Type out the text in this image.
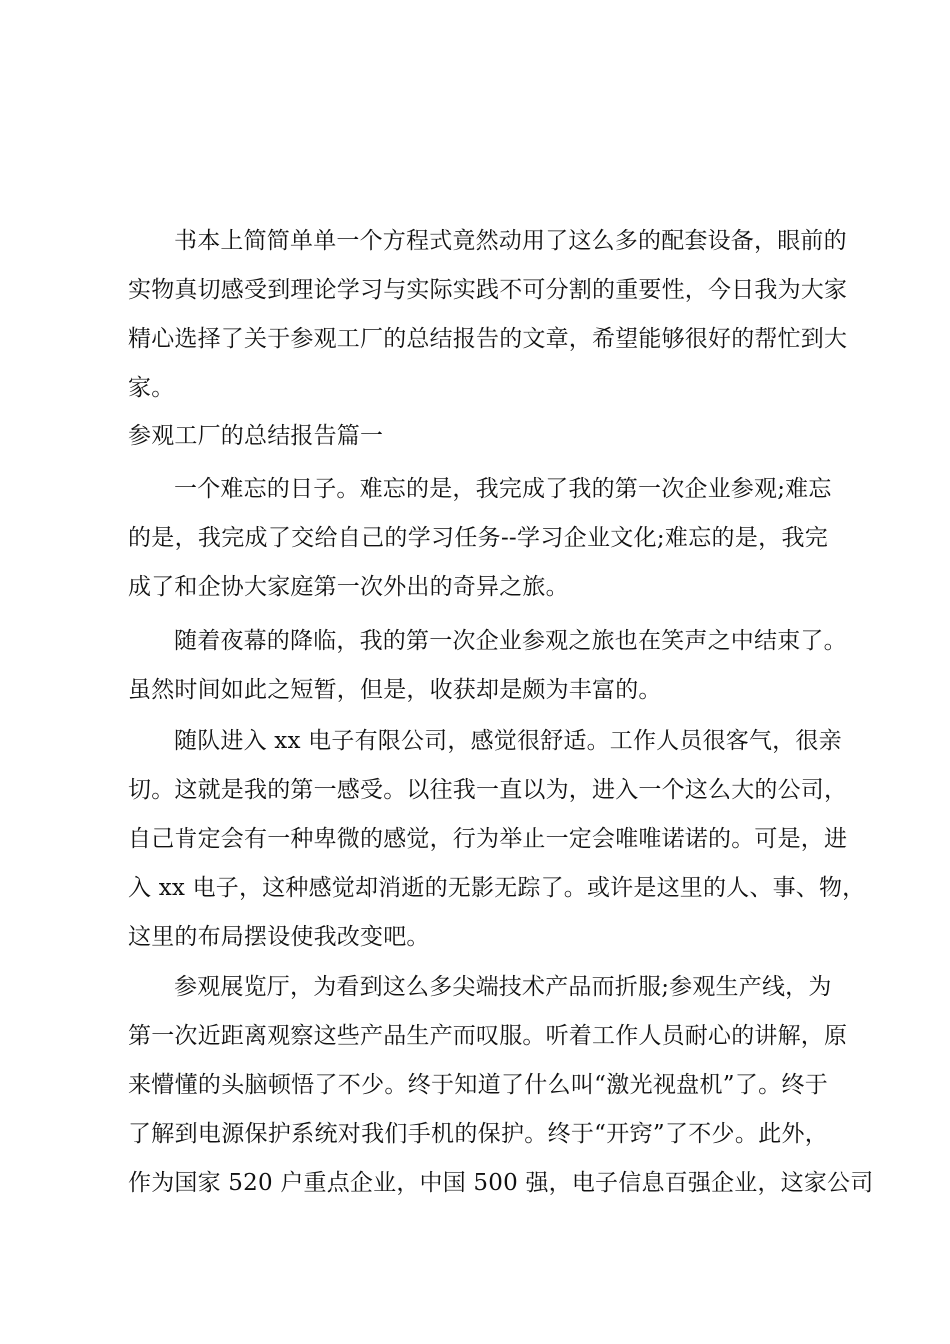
书本上简简单单一个方程式竟然动用了这么多的配套设备，眼前的
实物真切感受到理论学习与实际实践不可分割的重要性，今日我为大家
精心选择了关于参观工厂的总结报告的文章，希望能够很好的帮忙到大
家。
参观工厂的总结报告篇一
一个难忘的日子。难忘的是，我完成了我的第一次企业参观;难忘
的是，我完成了交给自己的学习任务--学习企业文化;难忘的是，我完
成了和企协大家庭第一次外出的奇异之旅。
随着夜幕的降临，我的第一次企业参观之旅也在笑声之中结束了。
虽然时间如此之短暂，但是，收获却是颇为丰富的。
随队进入 xx 电子有限公司，感觉很舒适。工作人员很客气，很亲
切。这就是我的第一感受。以往我一直以为，进入一个这么大的公司，
自己肯定会有一种卑微的感觉，行为举止一定会唯唯诺诺的。可是，进
入 xx 电子，这种感觉却消逝的无影无踪了。或许是这里的人、事、物，
这里的布局摆设使我改变吧。
参观展览厅，为看到这么多尖端技术产品而折服;参观生产线，为
第一次近距离观察这些产品生产而叹服。听着工作人员耐心的讲解，原
来懵懂的头脑顿悟了不少。终于知道了什么叫“激光视盘机”了。终于
了解到电源保护系统对我们手机的保护。终于“开窍”了不少。此外，
作为国家 520 户重点企业，中国 500 强，电子信息百强企业，这家公司
